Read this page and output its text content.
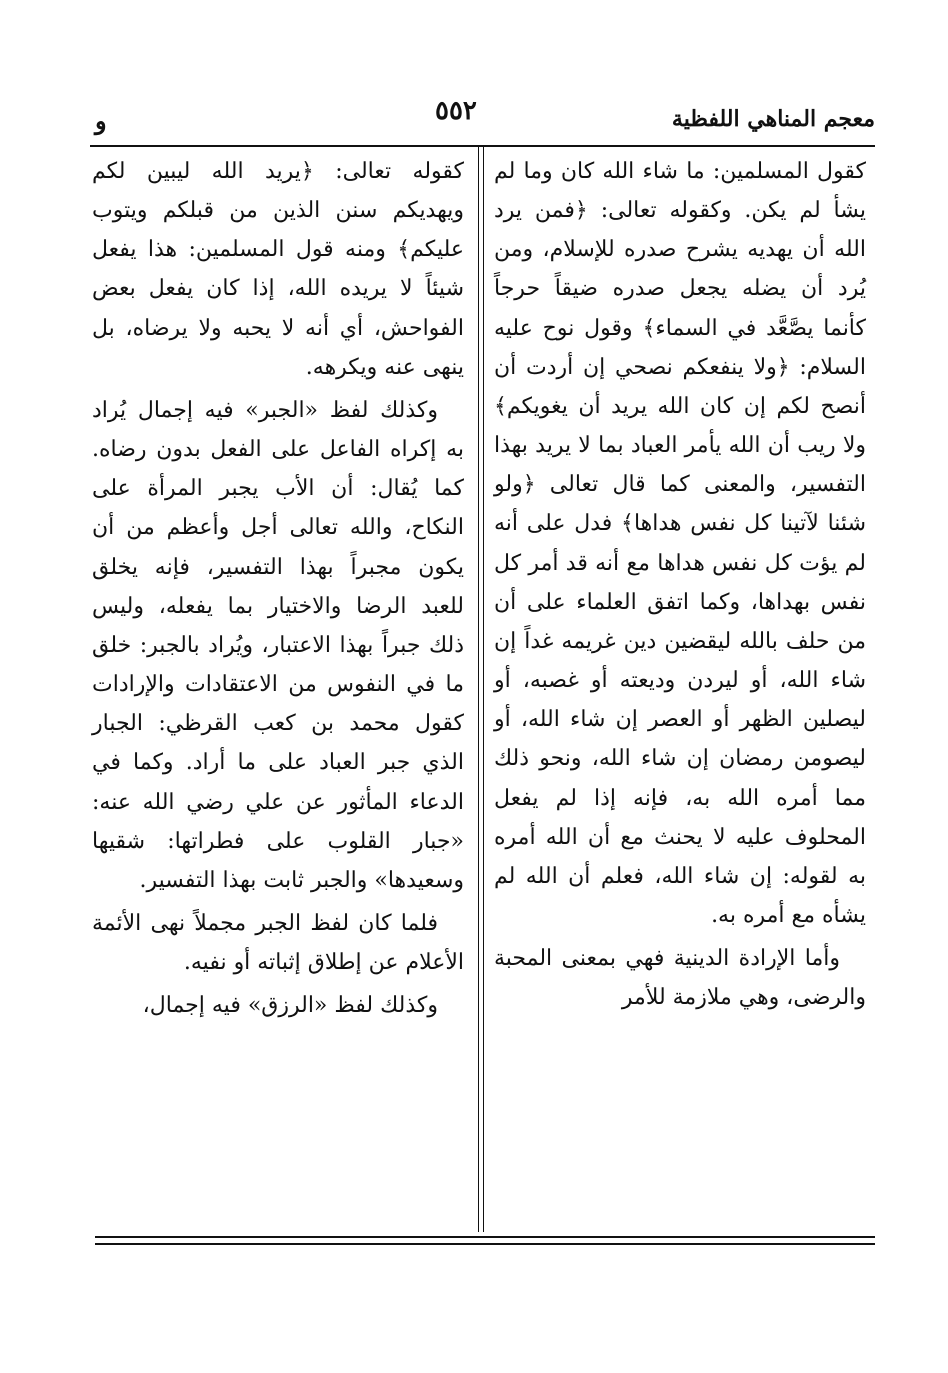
معجم المناهي اللفظية
٥٥٢
و

كقول المسلمين: ما شاء الله كان وما لم يشأ لم يكن. وكقوله تعالى: ﴿فمن يرد الله أن يهديه يشرح صدره للإسلام، ومن يُرد أن يضله يجعل صدره ضيقاً حرجاً كأنما يصَّعَّد في السماء﴾ وقول نوح عليه السلام: ﴿ولا ينفعكم نصحي إن أردت أن أنصح لكم إن كان الله يريد أن يغويكم﴾ ولا ريب أن الله يأمر العباد بما لا يريد بهذا التفسير، والمعنى كما قال تعالى ﴿ولو شئنا لآتينا كل نفس هداها﴾ فدل على أنه لم يؤت كل نفس هداها مع أنه قد أمر كل نفس بهداها، وكما اتفق العلماء على أن من حلف بالله ليقضين دين غريمه غداً إن شاء الله، أو ليردن وديعته أو غصبه، أو ليصلين الظهر أو العصر إن شاء الله، أو ليصومن رمضان إن شاء الله، ونحو ذلك مما أمره الله به، فإنه إذا لم يفعل المحلوف عليه لا يحنث مع أن الله أمره به لقوله: إن شاء الله، فعلم أن الله لم يشأه مع أمره به.

وأما الإرادة الدينية فهي بمعنى المحبة والرضى، وهي ملازمة للأمر

كقوله تعالى: ﴿يريد الله ليبين لكم ويهديكم سنن الذين من قبلكم ويتوب عليكم﴾ ومنه قول المسلمين: هذا يفعل شيئاً لا يريده الله، إذا كان يفعل بعض الفواحش، أي أنه لا يحبه ولا يرضاه، بل ينهى عنه ويكرهه.

وكذلك لفظ «الجبر» فيه إجمال يُراد به إكراه الفاعل على الفعل بدون رضاه. كما يُقال: أن الأب يجبر المرأة على النكاح، والله تعالى أجل وأعظم من أن يكون مجبراً بهذا التفسير، فإنه يخلق للعبد الرضا والاختيار بما يفعله، وليس ذلك جبراً بهذا الاعتبار، ويُراد بالجبر: خلق ما في النفوس من الاعتقادات والإرادات كقول محمد بن كعب القرظي: الجبار الذي جبر العباد على ما أراد. وكما في الدعاء المأثور عن علي رضي الله عنه: «جبار القلوب على فطراتها: شقيها وسعيدها» والجبر ثابت بهذا التفسير.

فلما كان لفظ الجبر مجملاً نهى الأئمة الأعلام عن إطلاق إثباته أو نفيه.

وكذلك لفظ «الرزق» فيه إجمال،
